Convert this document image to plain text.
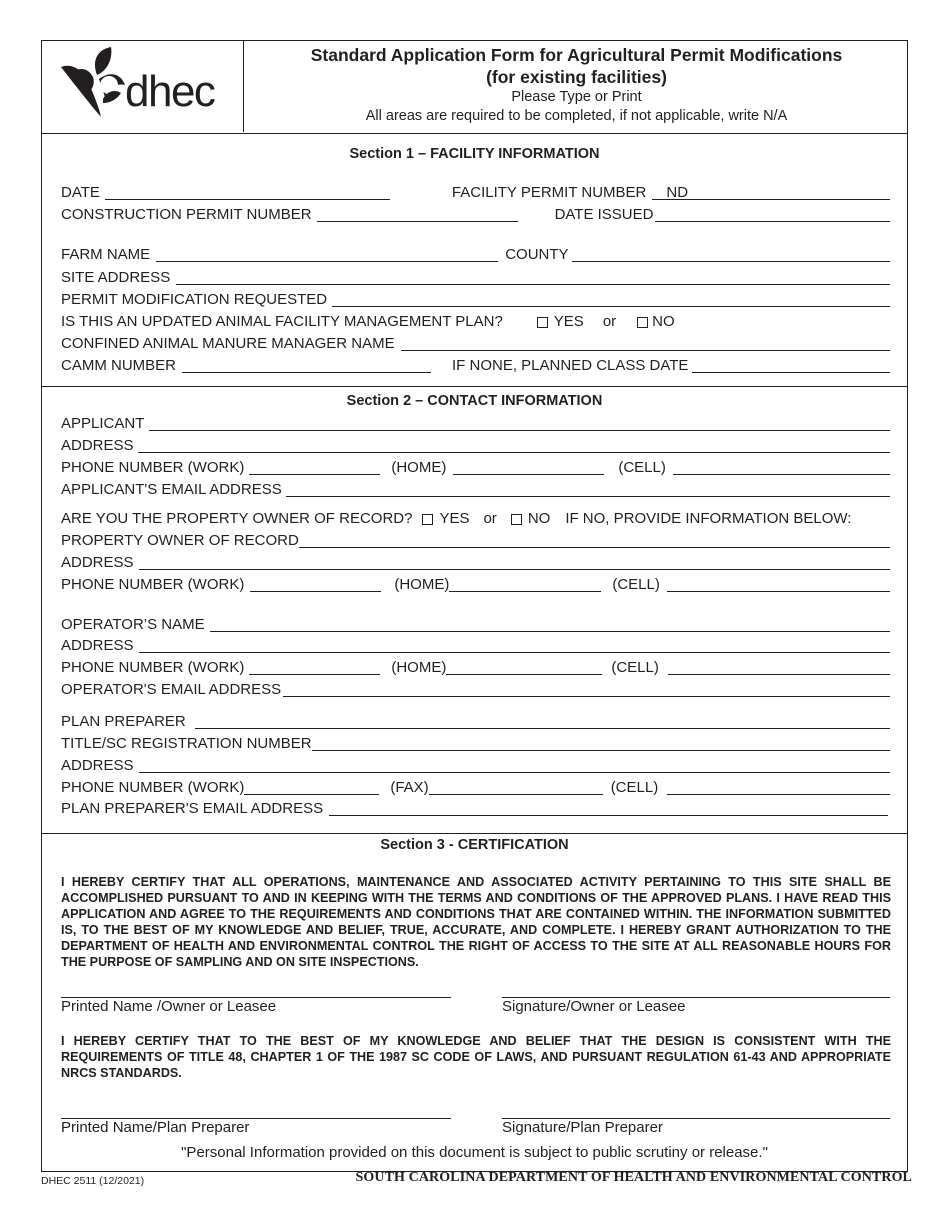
dhec
Standard Application Form for Agricultural Permit Modifications
(for existing facilities)
Please Type or Print
All areas are required to be completed, if not applicable, write N/A
Section 1 – FACILITY INFORMATION
DATE	FACILITY PERMIT NUMBER ND
CONSTRUCTION PERMIT NUMBER	DATE ISSUED
FARM NAME	COUNTY
SITE ADDRESS
PERMIT MODIFICATION REQUESTED
IS THIS AN UPDATED ANIMAL FACILITY MANAGEMENT PLAN?	YES or NO
CONFINED ANIMAL MANURE MANAGER NAME
CAMM NUMBER	IF NONE, PLANNED CLASS DATE
Section 2 – CONTACT INFORMATION
APPLICANT
ADDRESS
PHONE NUMBER (WORK)	(HOME)	(CELL)
APPLICANT'S EMAIL ADDRESS
ARE YOU THE PROPERTY OWNER OF RECORD? YES or NO IF NO, PROVIDE INFORMATION BELOW:
PROPERTY OWNER OF RECORD
ADDRESS
PHONE NUMBER (WORK)	(HOME)	(CELL)
OPERATOR’S NAME
ADDRESS
PHONE NUMBER (WORK)	(HOME)	(CELL)
OPERATOR'S EMAIL ADDRESS
PLAN PREPARER
TITLE/SC REGISTRATION NUMBER
ADDRESS
PHONE NUMBER (WORK)	(FAX)	(CELL)
PLAN PREPARER'S EMAIL ADDRESS
Section 3 - CERTIFICATION
I HEREBY CERTIFY THAT ALL OPERATIONS, MAINTENANCE AND ASSOCIATED ACTIVITY PERTAINING TO THIS SITE SHALL BE ACCOMPLISHED PURSUANT TO AND IN KEEPING WITH THE TERMS AND CONDITIONS OF THE APPROVED PLANS. I HAVE READ THIS APPLICATION AND AGREE TO THE REQUIREMENTS AND CONDITIONS THAT ARE CONTAINED WITHIN. THE INFORMATION SUBMITTED IS, TO THE BEST OF MY KNOWLEDGE AND BELIEF, TRUE, ACCURATE, AND COMPLETE. I HEREBY GRANT AUTHORIZATION TO THE DEPARTMENT OF HEALTH AND ENVIRONMENTAL CONTROL THE RIGHT OF ACCESS TO THE SITE AT ALL REASONABLE HOURS FOR THE PURPOSE OF SAMPLING AND ON SITE INSPECTIONS.
Printed Name /Owner or Leasee	Signature/Owner or Leasee
I HEREBY CERTIFY THAT TO THE BEST OF MY KNOWLEDGE AND BELIEF THAT THE DESIGN IS CONSISTENT WITH THE REQUIREMENTS OF TITLE 48, CHAPTER 1 OF THE 1987 SC CODE OF LAWS, AND PURSUANT REGULATION 61-43 AND APPROPRIATE NRCS STANDARDS.
Printed Name/Plan Preparer	Signature/Plan Preparer
"Personal Information provided on this document is subject to public scrutiny or release."
DHEC 2511 (12/2021)	SOUTH CAROLINA DEPARTMENT OF HEALTH AND ENVIRONMENTAL CONTROL
